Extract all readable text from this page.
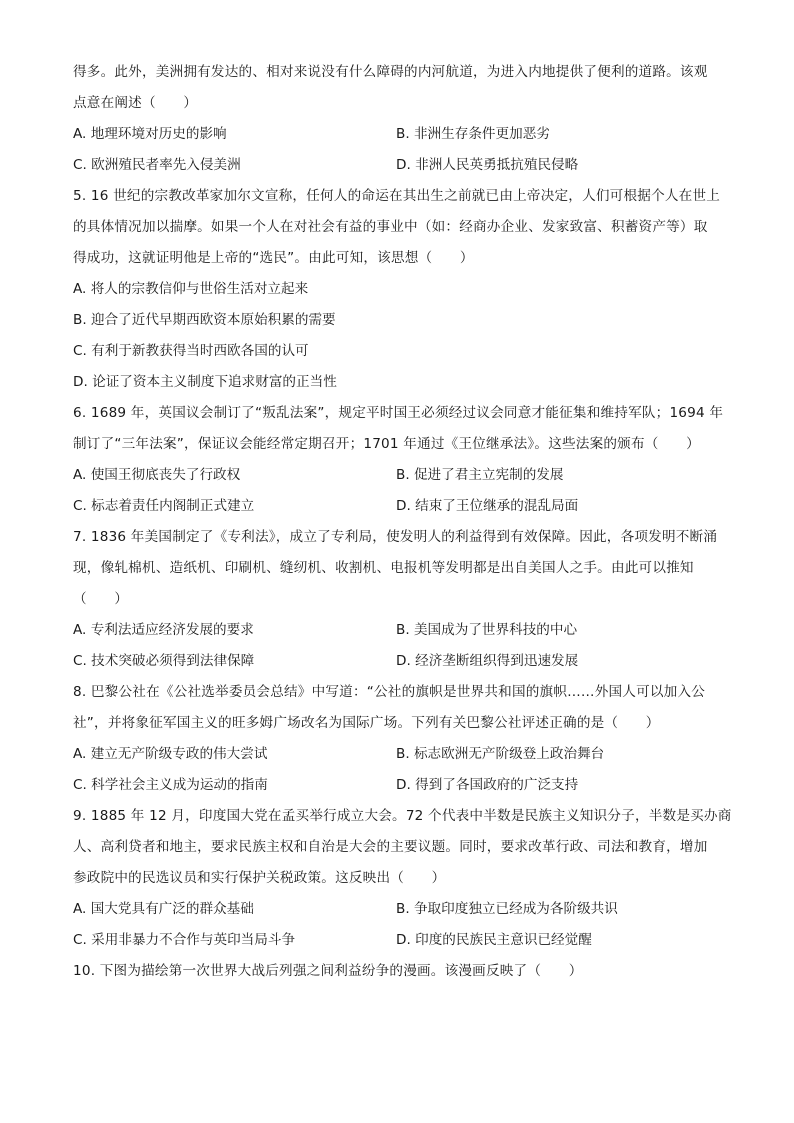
得多。此外，美洲拥有发达的、相对来说没有什么障碍的内河航道，为进入内地提供了便利的道路。该观
点意在阐述（　　）
A. 地理环境对历史的影响	B. 非洲生存条件更加恶劣
C. 欧洲殖民者率先入侵美洲	D. 非洲人民英勇抵抗殖民侵略
5. 16 世纪的宗教改革家加尔文宣称，任何人的命运在其出生之前就已由上帝决定，人们可根据个人在世上
的具体情况加以揣摩。如果一个人在对社会有益的事业中（如：经商办企业、发家致富、积蓄资产等）取
得成功，这就证明他是上帝的“选民”。由此可知，该思想（　　）
A. 将人的宗教信仰与世俗生活对立起来
B. 迎合了近代早期西欧资本原始积累的需要
C. 有利于新教获得当时西欧各国的认可
D. 论证了资本主义制度下追求财富的正当性
6. 1689 年，英国议会制订了“叛乱法案”，规定平时国王必须经过议会同意才能征集和维持军队；1694 年
制订了“三年法案”，保证议会能经常定期召开；1701 年通过《王位继承法》。这些法案的颁布（　　）
A. 使国王彻底丧失了行政权	B. 促进了君主立宪制的发展
C. 标志着责任内阁制正式建立	D. 结束了王位继承的混乱局面
7. 1836 年美国制定了《专利法》，成立了专利局，使发明人的利益得到有效保障。因此，各项发明不断涌
现，像轧棉机、造纸机、印刷机、缝纫机、收割机、电报机等发明都是出自美国人之手。由此可以推知
（　　）
A. 专利法适应经济发展的要求	B. 美国成为了世界科技的中心
C. 技术突破必须得到法律保障	D. 经济垄断组织得到迅速发展
8. 巴黎公社在《公社选举委员会总结》中写道：“公社的旗帜是世界共和国的旗帜……外国人可以加入公
社”，并将象征军国主义的旺多姆广场改名为国际广场。下列有关巴黎公社评述正确的是（　　）
A. 建立无产阶级专政的伟大尝试	B. 标志欧洲无产阶级登上政治舞台
C. 科学社会主义成为运动的指南	D. 得到了各国政府的广泛支持
9. 1885 年 12 月，印度国大党在孟买举行成立大会。72 个代表中半数是民族主义知识分子，半数是买办商
人、高利贷者和地主，要求民族主权和自治是大会的主要议题。同时，要求改革行政、司法和教育，增加
参政院中的民选议员和实行保护关税政策。这反映出（　　）
A. 国大党具有广泛的群众基础	B. 争取印度独立已经成为各阶级共识
C. 采用非暴力不合作与英印当局斗争	D. 印度的民族民主意识已经觉醒
10. 下图为描绘第一次世界大战后列强之间利益纷争的漫画。该漫画反映了（　　）
